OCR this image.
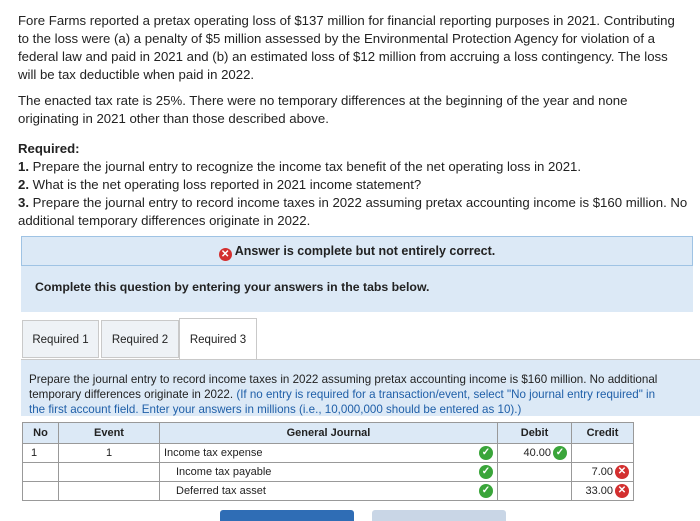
Fore Farms reported a pretax operating loss of $137 million for financial reporting purposes in 2021. Contributing to the loss were (a) a penalty of $5 million assessed by the Environmental Protection Agency for violation of a federal law and paid in 2021 and (b) an estimated loss of $12 million from accruing a loss contingency. The loss will be tax deductible when paid in 2022.
The enacted tax rate is 25%. There were no temporary differences at the beginning of the year and none originating in 2021 other than those described above.
Required:
1. Prepare the journal entry to recognize the income tax benefit of the net operating loss in 2021.
2. What is the net operating loss reported in 2021 income statement?
3. Prepare the journal entry to record income taxes in 2022 assuming pretax accounting income is $160 million. No additional temporary differences originate in 2022.
✕ Answer is complete but not entirely correct.
Complete this question by entering your answers in the tabs below.
Required 1	Required 2	Required 3
Prepare the journal entry to record income taxes in 2022 assuming pretax accounting income is $160 million. No additional
temporary differences originate in 2022. (If no entry is required for a transaction/event, select "No journal entry required" in
the first account field. Enter your answers in millions (i.e., 10,000,000 should be entered as 10).)
No	Event	General Journal	Debit	Credit
1	1	Income tax expense ✓	40.00 ✓	

		Income tax payable ✓		7.00 ✕

		Deferred tax asset ✓		33.00 ✕
